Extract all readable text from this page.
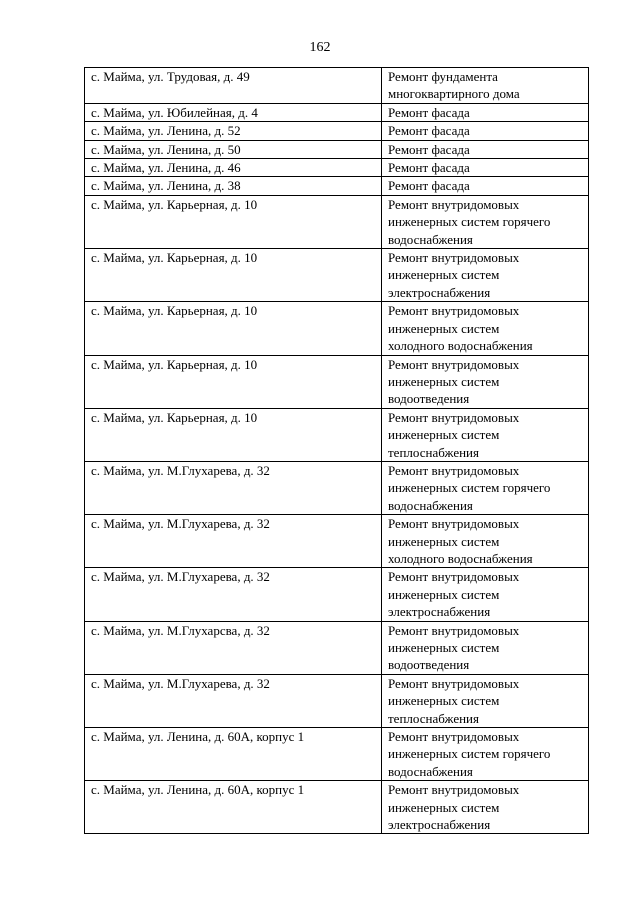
162
с. Майма, ул. Трудовая, д. 49	Ремонт фундамента
многоквартирного дома
с. Майма, ул. Юбилейная, д. 4	Ремонт фасада
с. Майма, ул. Ленина, д. 52	Ремонт фасада
с. Майма, ул. Ленина, д. 50	Ремонт фасада
с. Майма, ул. Ленина, д. 46	Ремонт фасада
с. Майма, ул. Ленина, д. 38	Ремонт фасада
с. Майма, ул. Карьерная, д. 10	Ремонт внутридомовых
инженерных систем горячего
водоснабжения
с. Майма, ул. Карьерная, д. 10	Ремонт внутридомовых
инженерных систем
электроснабжения
с. Майма, ул. Карьерная, д. 10	Ремонт внутридомовых
инженерных систем
холодного водоснабжения
с. Майма, ул. Карьерная, д. 10	Ремонт внутридомовых
инженерных систем
водоотведения
с. Майма, ул. Карьерная, д. 10	Ремонт внутридомовых
инженерных систем
теплоснабжения
с. Майма, ул. М.Глухарева, д. 32	Ремонт внутридомовых
инженерных систем горячего
водоснабжения
с. Майма, ул. М.Глухарева, д. 32	Ремонт внутридомовых
инженерных систем
холодного водоснабжения
с. Майма, ул. М.Глухарева, д. 32	Ремонт внутридомовых
инженерных систем
электроснабжения
с. Майма, ул. М.Глухарсва, д. 32	Ремонт внутридомовых
инженерных систем
водоотведения
с. Майма, ул. М.Глухарева, д. 32	Ремонт внутридомовых
инженерных систем
теплоснабжения
с. Майма, ул. Ленина, д. 60А, корпус 1	Ремонт внутридомовых
инженерных систем горячего
водоснабжения
с. Майма, ул. Ленина, д. 60А, корпус 1	Ремонт внутридомовых
инженерных систем
электроснабжения
